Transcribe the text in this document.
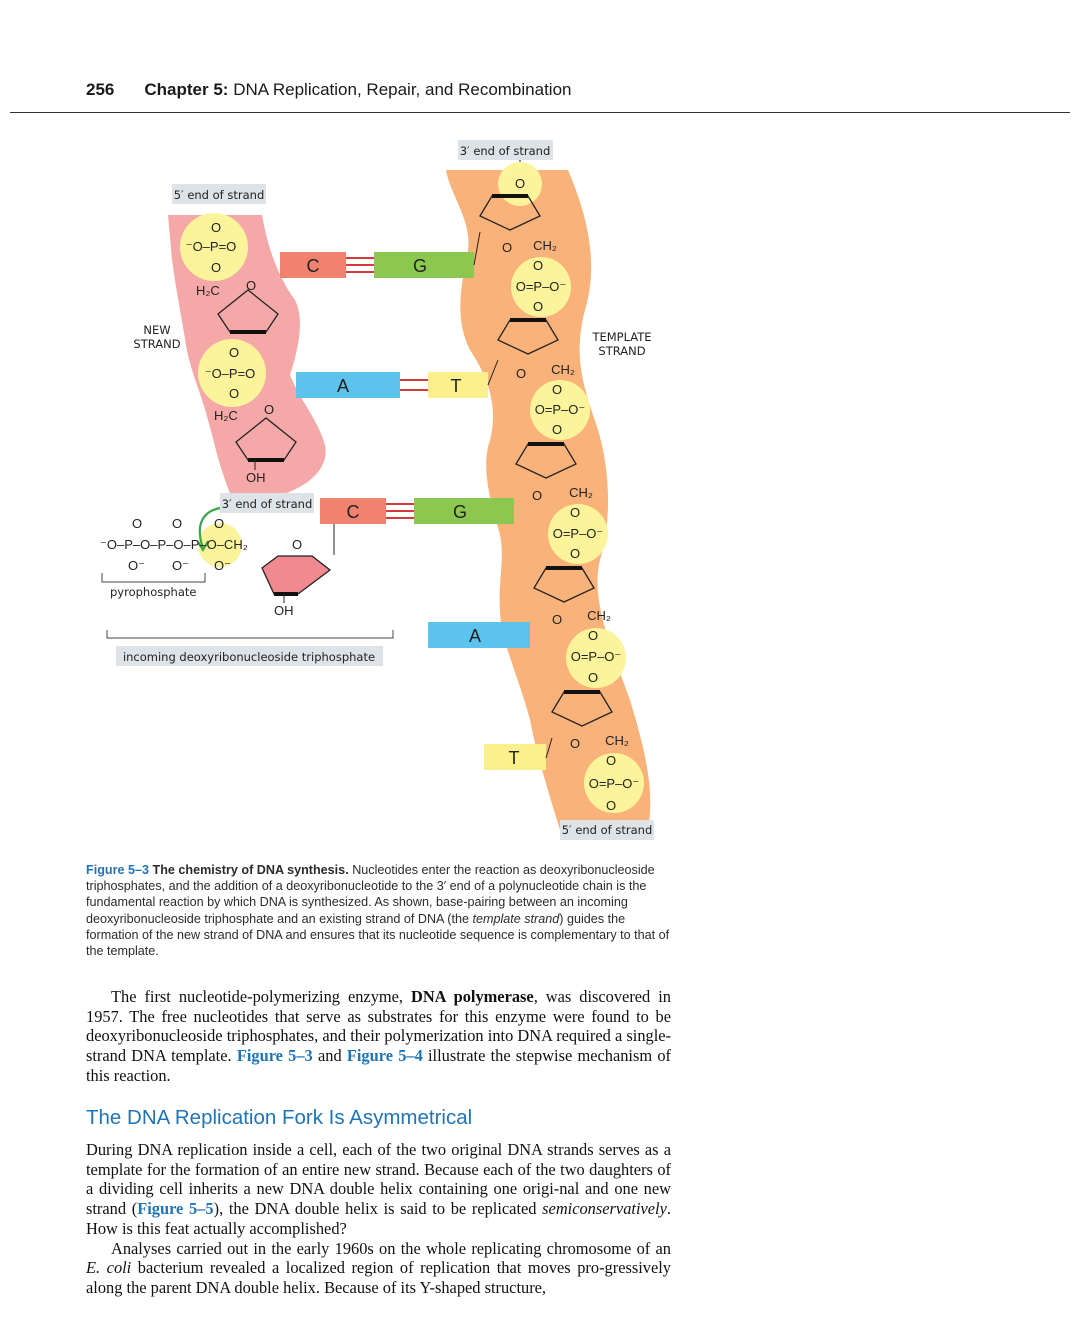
256 Chapter 5: DNA Replication, Repair, and Recombination
3′ end of strand
5′ end of strand
NEW
STRAND	TEMPLATE
STRAND
O
CH₂
O
O=P–O⁻
O
CH₂
O
O=P–O⁻
O
CH₂
O
O=P–O⁻
O
CH₂
O
O=P–O⁻
O
CH₂
O
O=P–O⁻
O
O
O
O
O
O
O
⁻O–P=O
O
H₂C O
O
⁻O–P=O
O
H₂C O
OH
C	G
A	T
3′ end of strand C	G
A
T
O O O
⁻O–P–O–P–O–P–O–CH₂	O
O⁻ O⁻ O⁻
OH
pyrophosphate
incoming deoxyribonucleoside triphosphate
5′ end of strand
Figure 5–3 The chemistry of DNA synthesis. Nucleotides enter the reaction as deoxyribonucleoside triphosphates, and the addition of a deoxyribonucleotide to the 3′ end of a polynucleotide chain is the fundamental reaction by which DNA is synthesized. As shown, base-pairing between an incoming deoxyribonucleoside triphosphate and an existing strand of DNA (the template strand) guides the formation of the new strand of DNA and ensures that its nucleotide sequence is complementary to that of the template.

The first nucleotide-polymerizing enzyme, DNA polymerase, was discovered in 1957. The free nucleotides that serve as substrates for this enzyme were found to be deoxyribonucleoside triphosphates, and their polymerization into DNA required a single-strand DNA template. Figure 5–3 and Figure 5–4 illustrate the stepwise mechanism of this reaction.

The DNA Replication Fork Is Asymmetrical

During DNA replication inside a cell, each of the two original DNA strands serves as a template for the formation of an entire new strand. Because each of the two daughters of a dividing cell inherits a new DNA double helix containing one origi-nal and one new strand (Figure 5–5), the DNA double helix is said to be replicated semiconservatively. How is this feat actually accomplished?

Analyses carried out in the early 1960s on the whole replicating chromosome of an E. coli bacterium revealed a localized region of replication that moves pro-gressively along the parent DNA double helix. Because of its Y-shaped structure,
